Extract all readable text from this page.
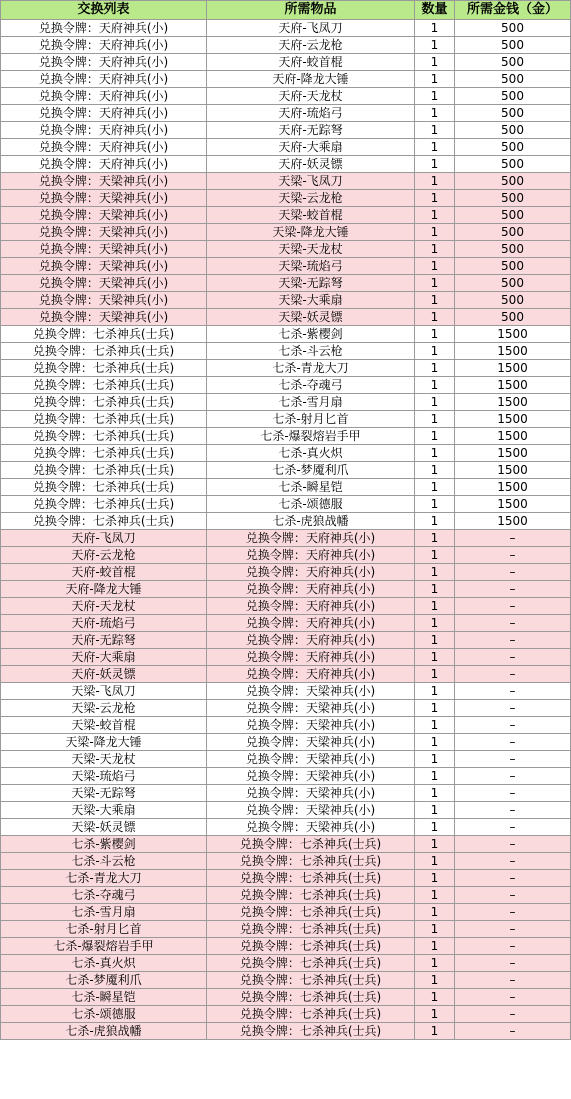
交换列表	所需物品	数量	所需金钱（金）
兑换令牌：天府神兵(小)	天府-飞凤刀	1	500
兑换令牌：天府神兵(小)	天府-云龙枪	1	500
兑换令牌：天府神兵(小)	天府-蛟首棍	1	500
兑换令牌：天府神兵(小)	天府-降龙大锤	1	500
兑换令牌：天府神兵(小)	天府-天龙杖	1	500
兑换令牌：天府神兵(小)	天府-琉焰弓	1	500
兑换令牌：天府神兵(小)	天府-无踪弩	1	500
兑换令牌：天府神兵(小)	天府-大乘扇	1	500
兑换令牌：天府神兵(小)	天府-妖灵镖	1	500
兑换令牌：天梁神兵(小)	天梁-飞凤刀	1	500
兑换令牌：天梁神兵(小)	天梁-云龙枪	1	500
兑换令牌：天梁神兵(小)	天梁-蛟首棍	1	500
兑换令牌：天梁神兵(小)	天梁-降龙大锤	1	500
兑换令牌：天梁神兵(小)	天梁-天龙杖	1	500
兑换令牌：天梁神兵(小)	天梁-琉焰弓	1	500
兑换令牌：天梁神兵(小)	天梁-无踪弩	1	500
兑换令牌：天梁神兵(小)	天梁-大乘扇	1	500
兑换令牌：天梁神兵(小)	天梁-妖灵镖	1	500
兑换令牌：七杀神兵(士兵)	七杀-紫樱剑	1	1500
兑换令牌：七杀神兵(士兵)	七杀-斗云枪	1	1500
兑换令牌：七杀神兵(士兵)	七杀-青龙大刀	1	1500
兑换令牌：七杀神兵(士兵)	七杀-夺魂弓	1	1500
兑换令牌：七杀神兵(士兵)	七杀-雪月扇	1	1500
兑换令牌：七杀神兵(士兵)	七杀-射月匕首	1	1500
兑换令牌：七杀神兵(士兵)	七杀-爆裂熔岩手甲	1	1500
兑换令牌：七杀神兵(士兵)	七杀-真火炽	1	1500
兑换令牌：七杀神兵(士兵)	七杀-梦魇利爪	1	1500
兑换令牌：七杀神兵(士兵)	七杀-瞬星铠	1	1500
兑换令牌：七杀神兵(士兵)	七杀-颂德服	1	1500
兑换令牌：七杀神兵(士兵)	七杀-虎狼战幡	1	1500
天府-飞凤刀	兑换令牌：天府神兵(小)	1	–
天府-云龙枪	兑换令牌：天府神兵(小)	1	–
天府-蛟首棍	兑换令牌：天府神兵(小)	1	–
天府-降龙大锤	兑换令牌：天府神兵(小)	1	–
天府-天龙杖	兑换令牌：天府神兵(小)	1	–
天府-琉焰弓	兑换令牌：天府神兵(小)	1	–
天府-无踪弩	兑换令牌：天府神兵(小)	1	–
天府-大乘扇	兑换令牌：天府神兵(小)	1	–
天府-妖灵镖	兑换令牌：天府神兵(小)	1	–
天梁-飞凤刀	兑换令牌：天梁神兵(小)	1	–
天梁-云龙枪	兑换令牌：天梁神兵(小)	1	–
天梁-蛟首棍	兑换令牌：天梁神兵(小)	1	–
天梁-降龙大锤	兑换令牌：天梁神兵(小)	1	–
天梁-天龙杖	兑换令牌：天梁神兵(小)	1	–
天梁-琉焰弓	兑换令牌：天梁神兵(小)	1	–
天梁-无踪弩	兑换令牌：天梁神兵(小)	1	–
天梁-大乘扇	兑换令牌：天梁神兵(小)	1	–
天梁-妖灵镖	兑换令牌：天梁神兵(小)	1	–
七杀-紫樱剑	兑换令牌：七杀神兵(士兵)	1	–
七杀-斗云枪	兑换令牌：七杀神兵(士兵)	1	–
七杀-青龙大刀	兑换令牌：七杀神兵(士兵)	1	–
七杀-夺魂弓	兑换令牌：七杀神兵(士兵)	1	–
七杀-雪月扇	兑换令牌：七杀神兵(士兵)	1	–
七杀-射月匕首	兑换令牌：七杀神兵(士兵)	1	–
七杀-爆裂熔岩手甲	兑换令牌：七杀神兵(士兵)	1	–
七杀-真火炽	兑换令牌：七杀神兵(士兵)	1	–
七杀-梦魇利爪	兑换令牌：七杀神兵(士兵)	1	–
七杀-瞬星铠	兑换令牌：七杀神兵(士兵)	1	–
七杀-颂德服	兑换令牌：七杀神兵(士兵)	1	–
七杀-虎狼战幡	兑换令牌：七杀神兵(士兵)	1	–
